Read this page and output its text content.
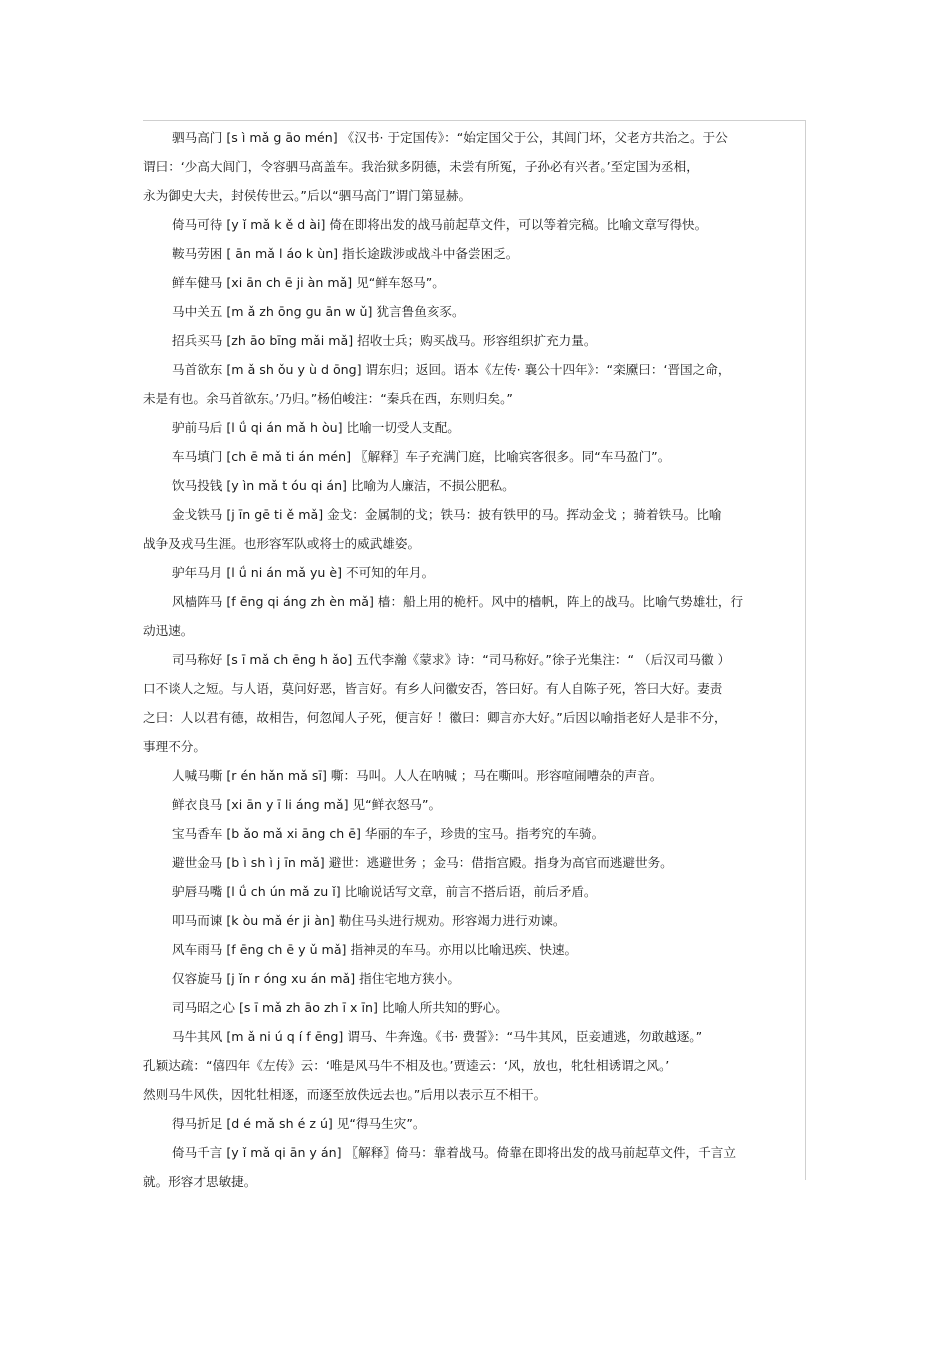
驷马高门 [s ì mǎ g āo mén] 《汉书· 于定国传》：“始定国父于公，其闾门坏，父老方共治之。于公
谓曰：‘少高大闾门，令容驷马高盖车。我治狱多阴德，未尝有所冤，子孙必有兴者。’至定国为丞相，
永为御史大夫，封侯传世云。”后以“驷马高门”谓门第显赫。
倚马可待 [y ǐ mǎ k ě d ài] 倚在即将出发的战马前起草文件，可以等着完稿。比喻文章写得快。
鞍马劳困 [ ān mǎ l áo k ùn] 指长途跋涉或战斗中备尝困乏。
鲜车健马 [xi ān ch ē ji àn mǎ] 见“鲜车怒马”。
马中关五 [m ǎ zh ōng gu ān w ǔ] 犹言鲁鱼亥豕。
招兵买马 [zh āo bīng mǎi mǎ] 招收士兵；购买战马。形容组织扩充力量。
马首欲东 [m ǎ sh ǒu y ù d ōng] 谓东归；返回。语本《左传· 襄公十四年》：“栾黡曰：‘晋国之命，
未是有也。余马首欲东。’乃归。”杨伯峻注：“秦兵在西，东则归矣。”
驴前马后 [l ǘ qi án mǎ h òu] 比喻一切受人支配。
车马填门 [ch ē mǎ ti án mén] 〖解释〗车子充满门庭，比喻宾客很多。同“车马盈门”。
饮马投钱 [y ìn mǎ t óu qi án] 比喻为人廉洁，不损公肥私。
金戈铁马 [j īn gē ti ě mǎ] 金戈：金属制的戈；铁马：披有铁甲的马。挥动金戈 ；骑着铁马。比喻
战争及戎马生涯。也形容军队或将士的威武雄姿。
驴年马月 [l ǘ ni án mǎ yu è] 不可知的年月。
风樯阵马 [f ēng qi áng zh èn mǎ] 樯：船上用的桅杆。风中的樯帆，阵上的战马。比喻气势雄壮，行
动迅速。
司马称好 [s ī mǎ ch ēng h ǎo] 五代李瀚《蒙求》诗：“司马称好。”徐子光集注：“ （后汉司马徽 ）
口不谈人之短。与人语，莫问好恶，皆言好。有乡人问徽安否，答曰好。有人自陈子死，答曰大好。妻责
之曰：人以君有德，故相告，何忽闻人子死，便言好 ！徽曰：卿言亦大好。”后因以喻指老好人是非不分，
事理不分。
人喊马嘶 [r én hǎn mǎ sī] 嘶：马叫。人人在呐喊 ；马在嘶叫。形容喧闹嘈杂的声音。
鲜衣良马 [xi ān y ī li áng mǎ] 见“鲜衣怒马”。
宝马香车 [b ǎo mǎ xi āng ch ē] 华丽的车子，珍贵的宝马。指考究的车骑。
避世金马 [b ì sh ì j īn mǎ] 避世：逃避世务 ；金马：借指宫殿。指身为高官而逃避世务。
驴唇马嘴 [l ǘ ch ún mǎ zu ǐ] 比喻说话写文章，前言不搭后语，前后矛盾。
叩马而谏 [k òu mǎ ér ji àn] 勒住马头进行规劝。形容竭力进行劝谏。
风车雨马 [f ēng ch ē y ǔ mǎ] 指神灵的车马。亦用以比喻迅疾、快速。
仅容旋马 [j ǐn r óng xu án mǎ] 指住宅地方狭小。
司马昭之心 [s ī mǎ zh āo zh ī x īn] 比喻人所共知的野心。
马牛其风 [m ǎ ni ú q í f ēng] 谓马、牛奔逸。《书· 费誓》：“马牛其风，臣妾逋逃，勿敢越逐。”
孔颖达疏：“僖四年《左传》云：‘唯是风马牛不相及也。’贾逵云：‘风，放也，牝牡相诱谓之风。’
然则马牛风佚，因牝牡相逐，而逐至放佚远去也。”后用以表示互不相干。
得马折足 [d é mǎ sh é z ú] 见“得马生灾”。
倚马千言 [y ǐ mǎ qi ān y án] 〖解释〗倚马：靠着战马。倚靠在即将出发的战马前起草文件，千言立
就。形容才思敏捷。
